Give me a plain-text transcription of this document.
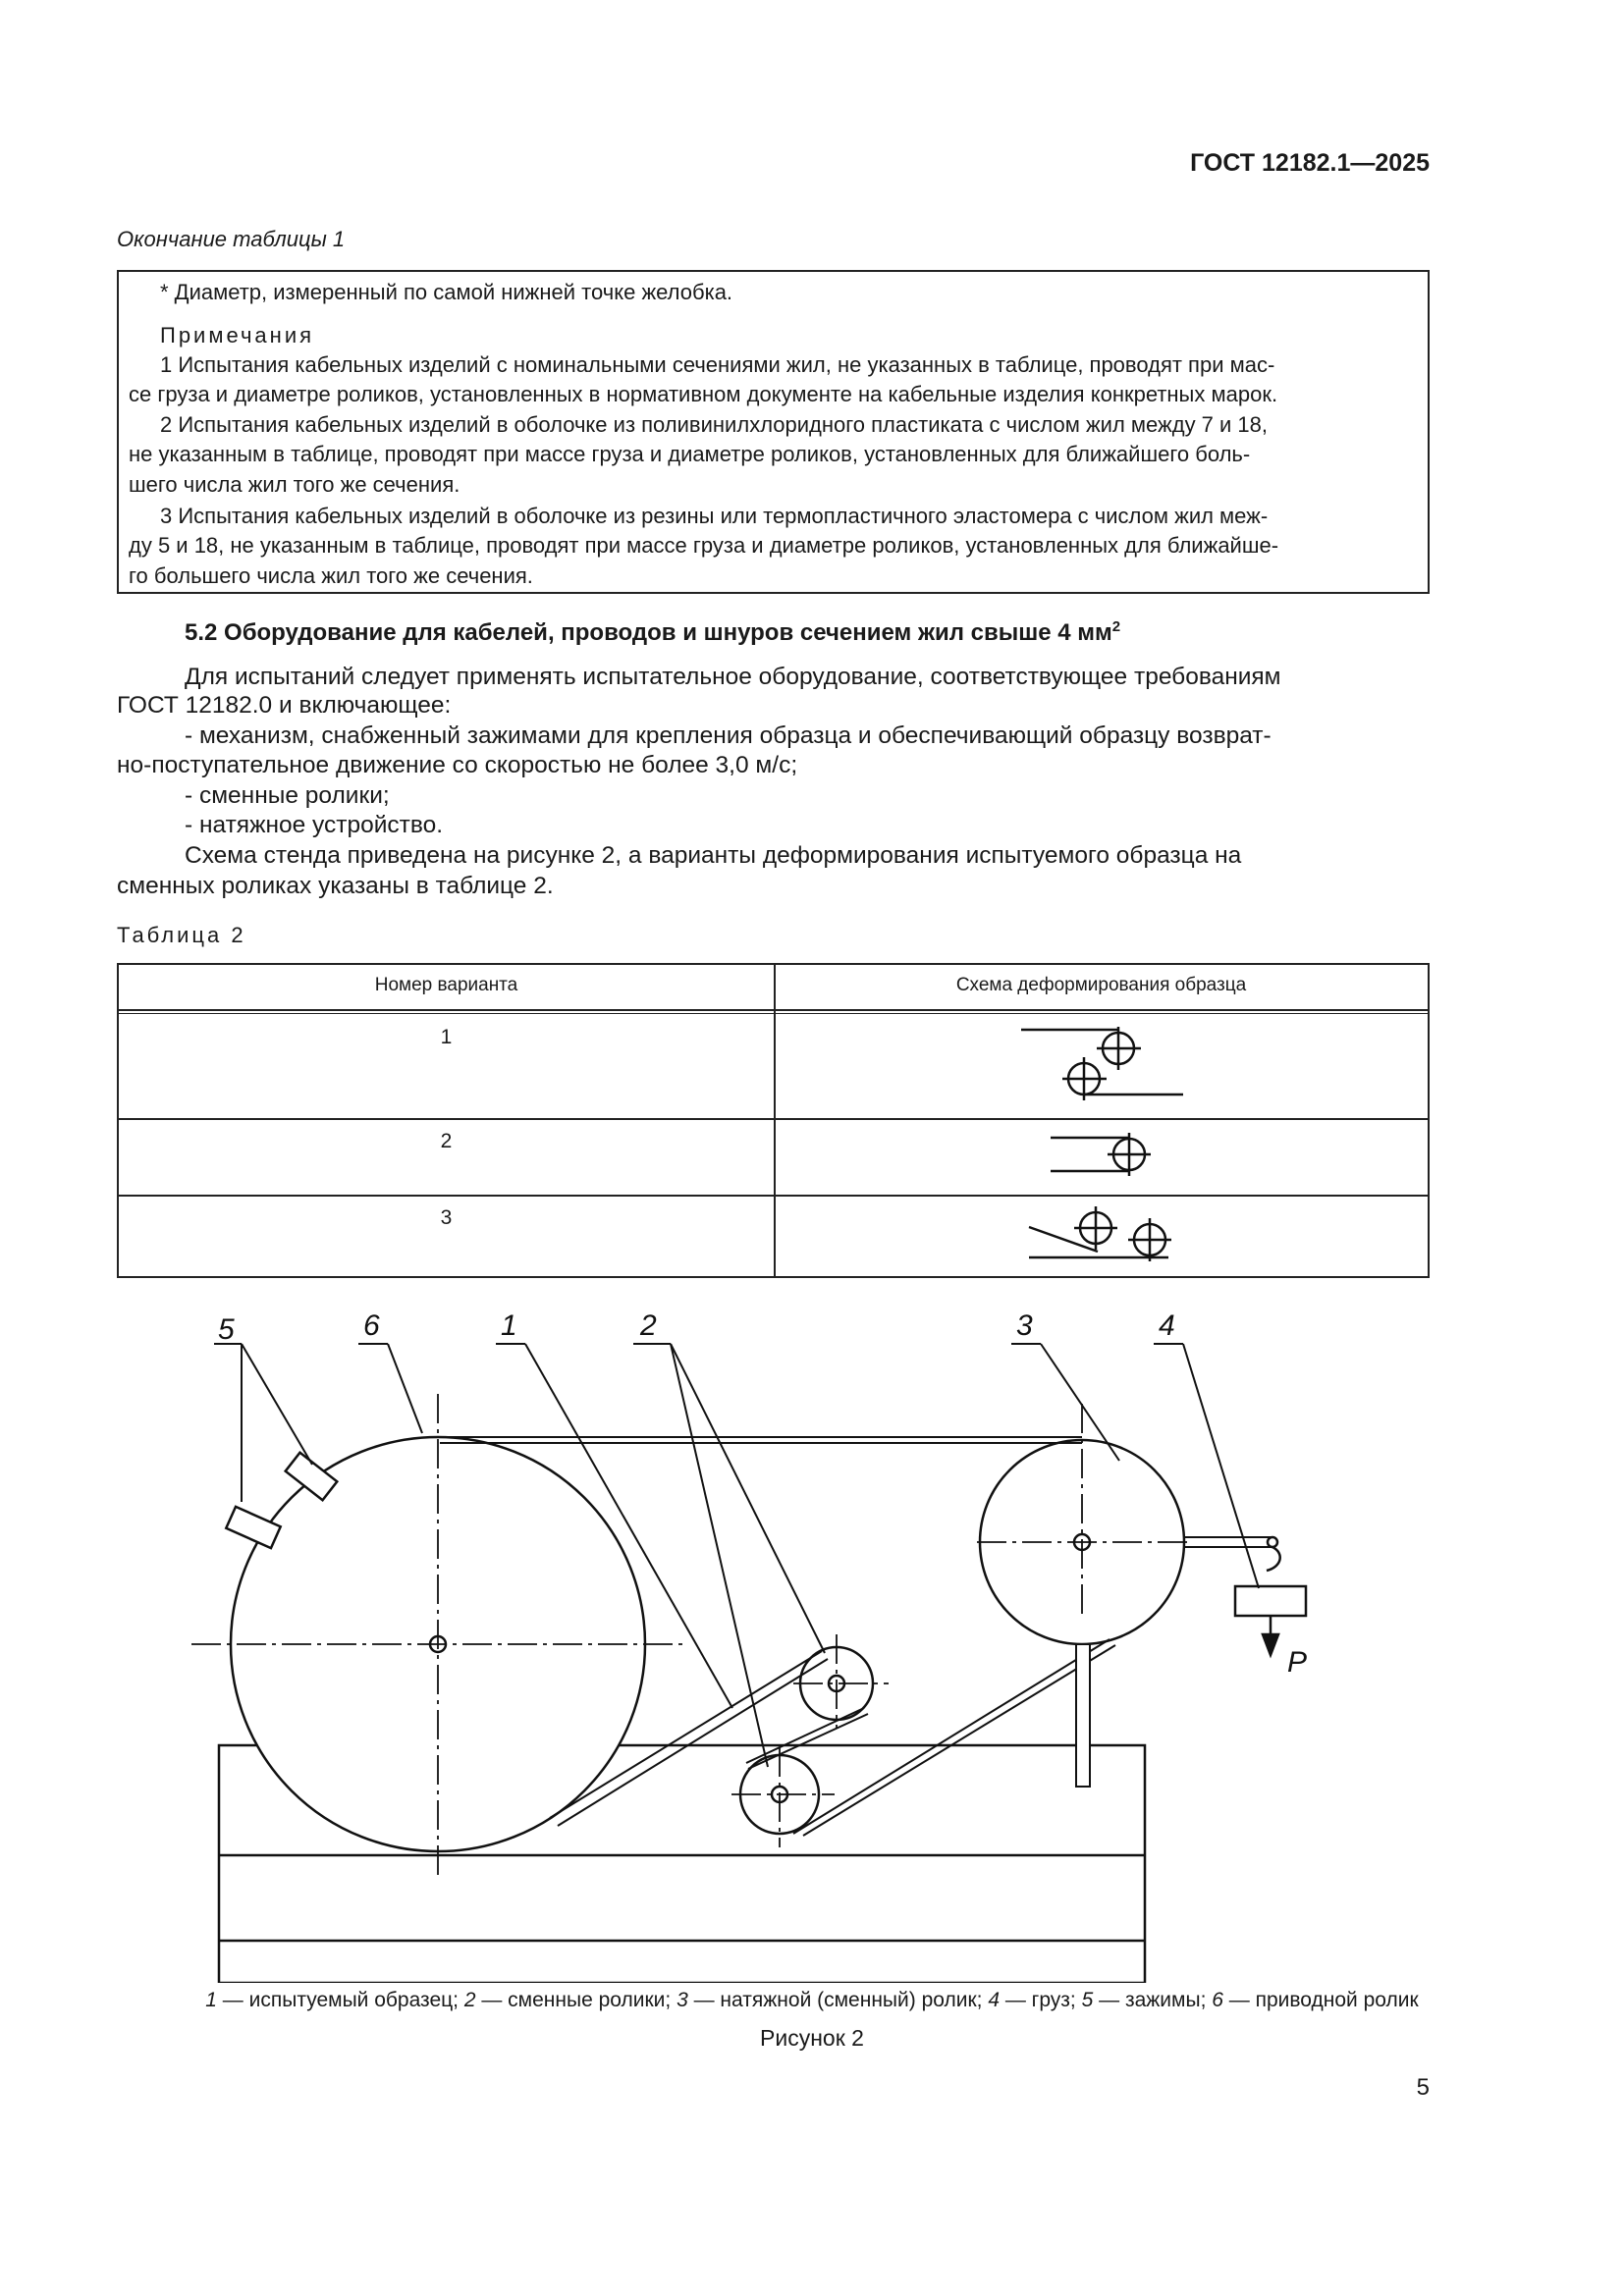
ГОСТ 12182.1—2025
Окончание таблицы 1
* Диаметр, измеренный по самой нижней точке желобка.
Примечания
1 Испытания кабельных изделий с номинальными сечениями жил, не указанных в таблице, проводят при мас-
се груза и диаметре роликов, установленных в нормативном документе на кабельные изделия конкретных марок.
2 Испытания кабельных изделий в оболочке из поливинилхлоридного пластиката с числом жил между 7 и 18,
не указанным в таблице, проводят при массе груза и диаметре роликов, установленных для ближайшего боль-
шего числа жил того же сечения.
3 Испытания кабельных изделий в оболочке из резины или термопластичного эластомера с числом жил меж-
ду 5 и 18, не указанным в таблице, проводят при массе груза и диаметре роликов, установленных для ближайше-
го большего числа жил того же сечения.
5.2 Оборудование для кабелей, проводов и шнуров сечением жил свыше 4 $мм^2$
Для испытаний следует применять испытательное оборудование, соответствующее требованиям
ГОСТ 12182.0 и включающее:
- механизм, снабженный зажимами для крепления образца и обеспечивающий образцу возврат-
но-поступательное движение со скоростью не более 3,0 м/с;
- сменные ролики;
- натяжное устройство.
Схема стенда приведена на рисунке 2, а варианты деформирования испытуемого образца на
сменных роликах указаны в таблице 2.
Таблица 2
Номер варианта	Схема деформирования образца
1
2
3
5	6	1	2	3	4
P
1 — испытуемый образец; 2 — сменные ролики; 3 — натяжной (сменный) ролик; 4 — груз; 5 — зажимы; 6 — приводной ролик
Рисунок 2
5
